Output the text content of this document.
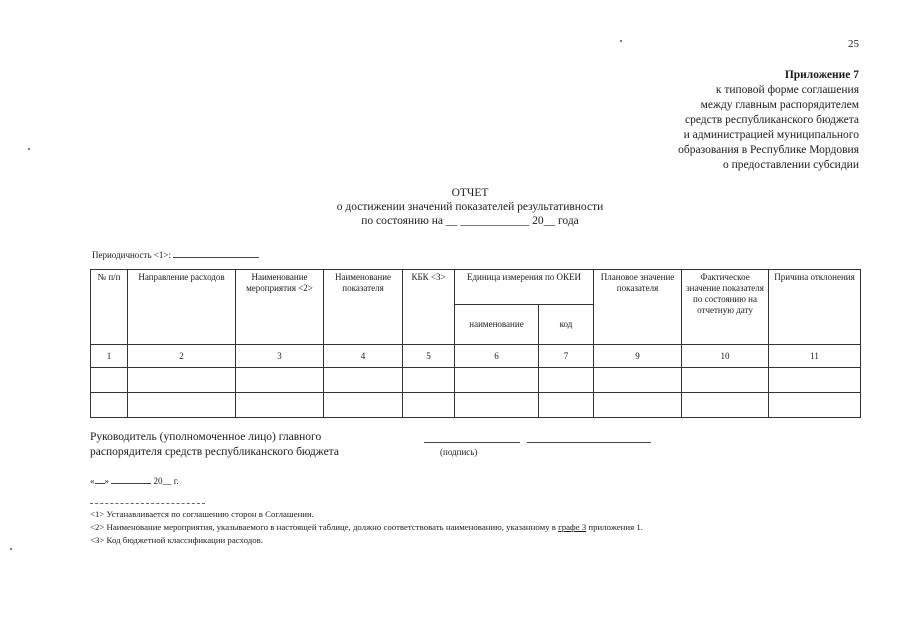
25
Приложение 7
к типовой форме соглашения
между главным распорядителем
средств республиканского бюджета
и администрацией муниципального
образования в Республике Мордовия
о предоставлении субсидии
ОТЧЕТ
о достижении значений показателей результативности
по состоянию на __ ____________ 20__ года
Периодичность <1>:
№ п/п	Направление расходов	Наименование мероприятия <2>	Наименование показателя	КБК <3>	Единица измерения по ОКЕИ		Плановое значение показателя	Фактическое значение показателя по состоянию на отчетную дату	Причина отклонения
					наименование	код			
1	2	3	4	5	6	7	9	10	11

Руководитель (уполномоченное лицо) главного
распорядителя средств республиканского бюджета	(подпись)
« »	20__ г.
<1> Устанавливается по соглашению сторон в Соглашении.
<2> Наименование мероприятия, указываемого в настоящей таблице, должно соответствовать наименованию, указанному в графе 3 приложения 1.
<3> Код бюджетной классификации расходов.
